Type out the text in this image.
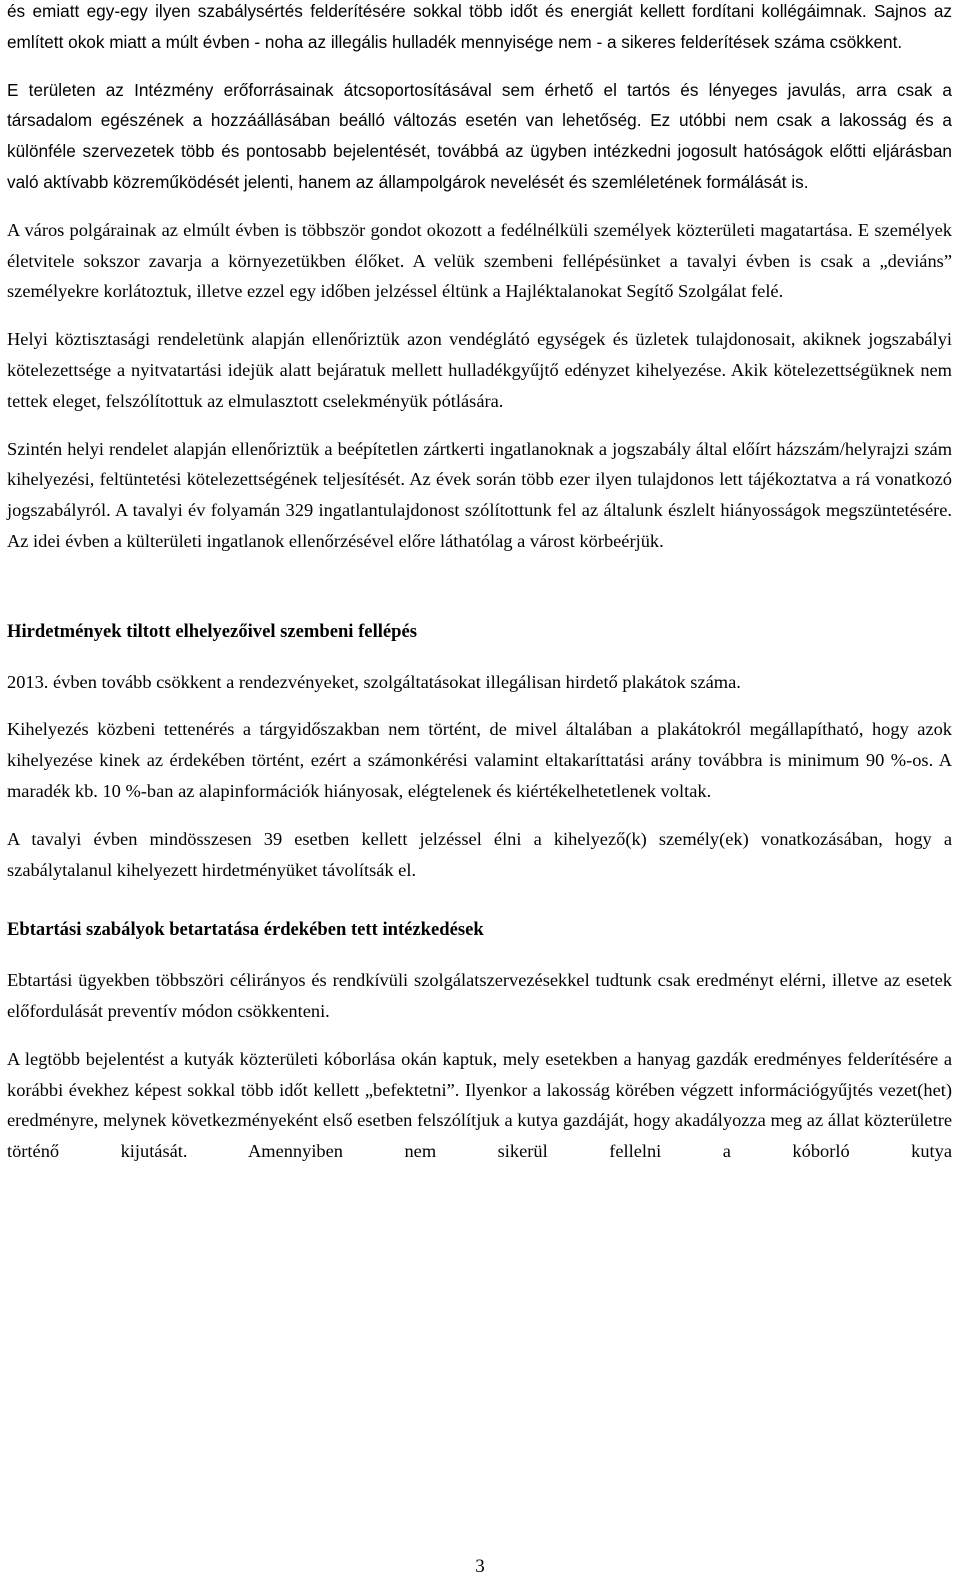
és emiatt egy-egy ilyen szabálysértés felderítésére sokkal több időt és energiát kellett fordítani kollégáimnak. Sajnos az említett okok miatt a múlt évben - noha az illegális hulladék mennyisége nem - a sikeres felderítések száma csökkent.

E területen az Intézmény erőforrásainak átcsoportosításával sem érhető el tartós és lényeges javulás, arra csak a társadalom egészének a hozzáállásában beálló változás esetén van lehetőség. Ez utóbbi nem csak a lakosság és a különféle szervezetek több és pontosabb bejelentését, továbbá az ügyben intézkedni jogosult hatóságok előtti eljárásban való aktívabb közreműködését jelenti, hanem az állampolgárok nevelését és szemléletének formálását is.

A város polgárainak az elmúlt évben is többször gondot okozott a fedélnélküli személyek közterületi magatartása. E személyek életvitele sokszor zavarja a környezetükben élőket. A velük szembeni fellépésünket a tavalyi évben is csak a „deviáns” személyekre korlátoztuk, illetve ezzel egy időben jelzéssel éltünk a Hajléktalanokat Segítő Szolgálat felé.

Helyi köztisztasági rendeletünk alapján ellenőriztük azon vendéglátó egységek és üzletek tulajdonosait, akiknek jogszabályi kötelezettsége a nyitvatartási idejük alatt bejáratuk mellett hulladékgyűjtő edényzet kihelyezése. Akik kötelezettségüknek nem tettek eleget, felszólítottuk az elmulasztott cselekményük pótlására.

Szintén helyi rendelet alapján ellenőriztük a beépítetlen zártkerti ingatlanoknak a jogszabály által előírt házszám/helyrajzi szám kihelyezési, feltüntetési kötelezettségének teljesítését. Az évek során több ezer ilyen tulajdonos lett tájékoztatva a rá vonatkozó jogszabályról. A tavalyi év folyamán 329 ingatlantulajdonost szólítottunk fel az általunk észlelt hiányosságok megszüntetésére. Az idei évben a külterületi ingatlanok ellenőrzésével előre láthatólag a várost körbeérjük.

Hirdetmények tiltott elhelyezőivel szembeni fellépés

2013. évben tovább csökkent a rendezvényeket, szolgáltatásokat illegálisan hirdető plakátok száma.

Kihelyezés közbeni tettenérés a tárgyidőszakban nem történt, de mivel általában a plakátokról megállapítható, hogy azok kihelyezése kinek az érdekében történt, ezért a számonkérési valamint eltakaríttatási arány továbbra is minimum 90 %-os. A maradék kb. 10 %-ban az alapinformációk hiányosak, elégtelenek és kiértékelhetetlenek voltak.

A tavalyi évben mindösszesen 39 esetben kellett jelzéssel élni a kihelyező(k) személy(ek) vonatkozásában, hogy a szabálytalanul kihelyezett hirdetményüket távolítsák el.

Ebtartási szabályok betartatása érdekében tett intézkedések

Ebtartási ügyekben többszöri célirányos és rendkívüli szolgálatszervezésekkel tudtunk csak eredményt elérni, illetve az esetek előfordulását preventív módon csökkenteni.

A legtöbb bejelentést a kutyák közterületi kóborlása okán kaptuk, mely esetekben a hanyag gazdák eredményes felderítésére a korábbi évekhez képest sokkal több időt kellett „befektetni”. Ilyenkor a lakosság körében végzett információgyűjtés vezet(het) eredményre, melynek következményeként első esetben felszólítjuk a kutya gazdáját, hogy akadályozza meg az állat közterületre történő kijutását. Amennyiben nem sikerül fellelni a kóborló kutya

3
